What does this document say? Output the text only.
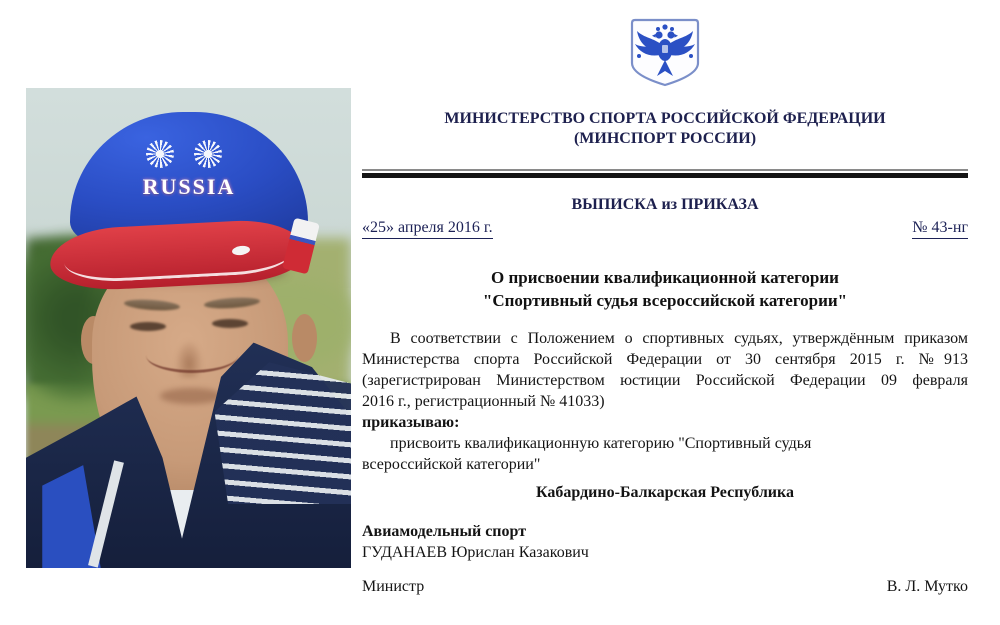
RUSSIA
МИНИСТЕРСТВО СПОРТА РОССИЙСКОЙ ФЕДЕРАЦИИ
(МИНСПОРТ РОССИИ)
ВЫПИСКА из ПРИКАЗА
«25» апреля 2016 г.	№ 43-нг
О присвоении квалификационной категории
"Спортивный судья всероссийской категории"
В соответствии с Положением о спортивных судьях, утверждённым приказом
Министерства спорта Российской Федерации от 30 сентября 2015 г. №913
(зарегистрирован Министерством юстиции Российской Федерации 09 февраля
2016 г., регистрационный № 41033)
приказываю:
присвоить квалификационную категорию "Спортивный судья
всероссийской категории"
Кабардино-Балкарская Республика
Авиамодельный спорт
ГУДАНАЕВ Юрислан Казакович
Министр	В. Л. Мутко
